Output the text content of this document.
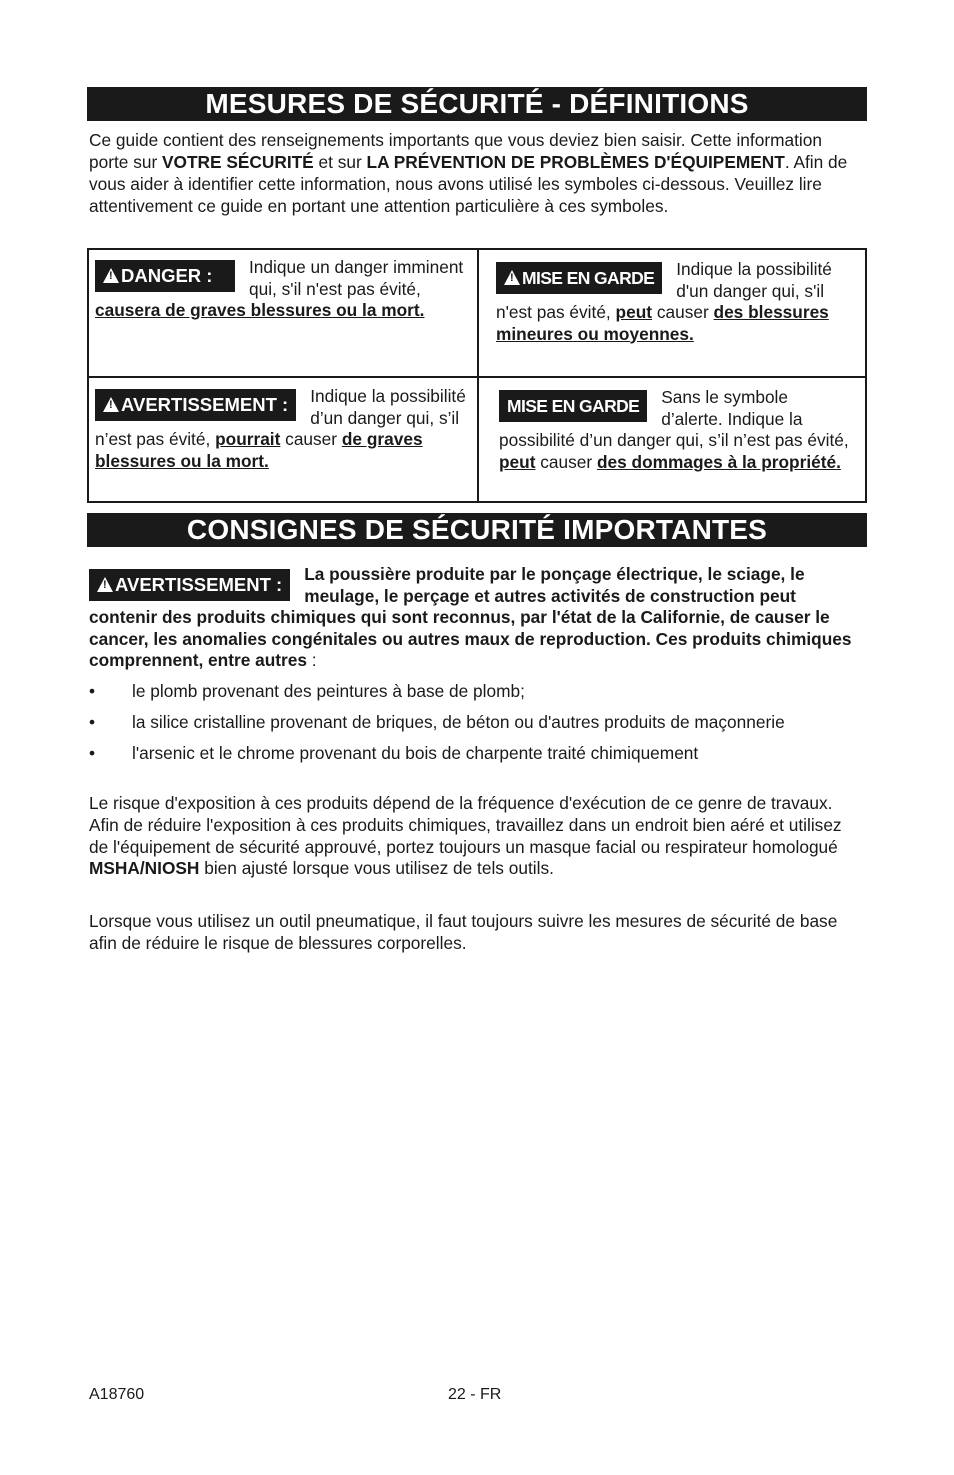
MESURES DE SÉCURITÉ - DÉFINITIONS

Ce guide contient des renseignements importants que vous deviez bien saisir. Cette information porte sur VOTRE SÉCURITÉ et sur LA PRÉVENTION DE PROBLÈMES D'ÉQUIPEMENT. Afin de vous aider à identifier cette information, nous avons utilisé les symboles ci-dessous. Veuillez lire attentivement ce guide en portant une attention particulière à ces symboles.

!DANGER :	Indique un danger imminent qui, s'il n'est pas évité, causera de graves blessures ou la mort.
!MISE EN GARDE	Indique la possibilité d'un danger qui, s'il n'est pas évité, peut causer des blessures mineures ou moyennes.
!AVERTISSEMENT :	Indique la possibilité d’un danger qui, s’il n’est pas évité, pourrait causer de graves blessures ou la mort.
MISE EN GARDE	Sans le symbole d’alerte. Indique la possibilité d’un danger qui, s’il n’est pas évité, peut causer des dommages à la propriété.
CONSIGNES DE SÉCURITÉ IMPORTANTES

!AVERTISSEMENT :	La poussière produite par le ponçage électrique, le sciage, le meulage, le perçage et autres activités de construction peut contenir des produits chimiques qui sont reconnus, par l'état de la Californie, de causer le cancer, les anomalies congénitales ou autres maux de reproduction. Ces produits chimiques comprennent, entre autres :

• le plomb provenant des peintures à base de plomb;
• la silice cristalline provenant de briques, de béton ou d'autres produits de maçonnerie
• l'arsenic et le chrome provenant du bois de charpente traité chimiquement

Le risque d'exposition à ces produits dépend de la fréquence d'exécution de ce genre de travaux. Afin de réduire l'exposition à ces produits chimiques, travaillez dans un endroit bien aéré et utilisez de l'équipement de sécurité approuvé, portez toujours un masque facial ou respirateur homologué MSHA/NIOSH bien ajusté lorsque vous utilisez de tels outils.

Lorsque vous utilisez un outil pneumatique, il faut toujours suivre les mesures de sécurité de base afin de réduire le risque de blessures corporelles.

A18760	22 - FR
